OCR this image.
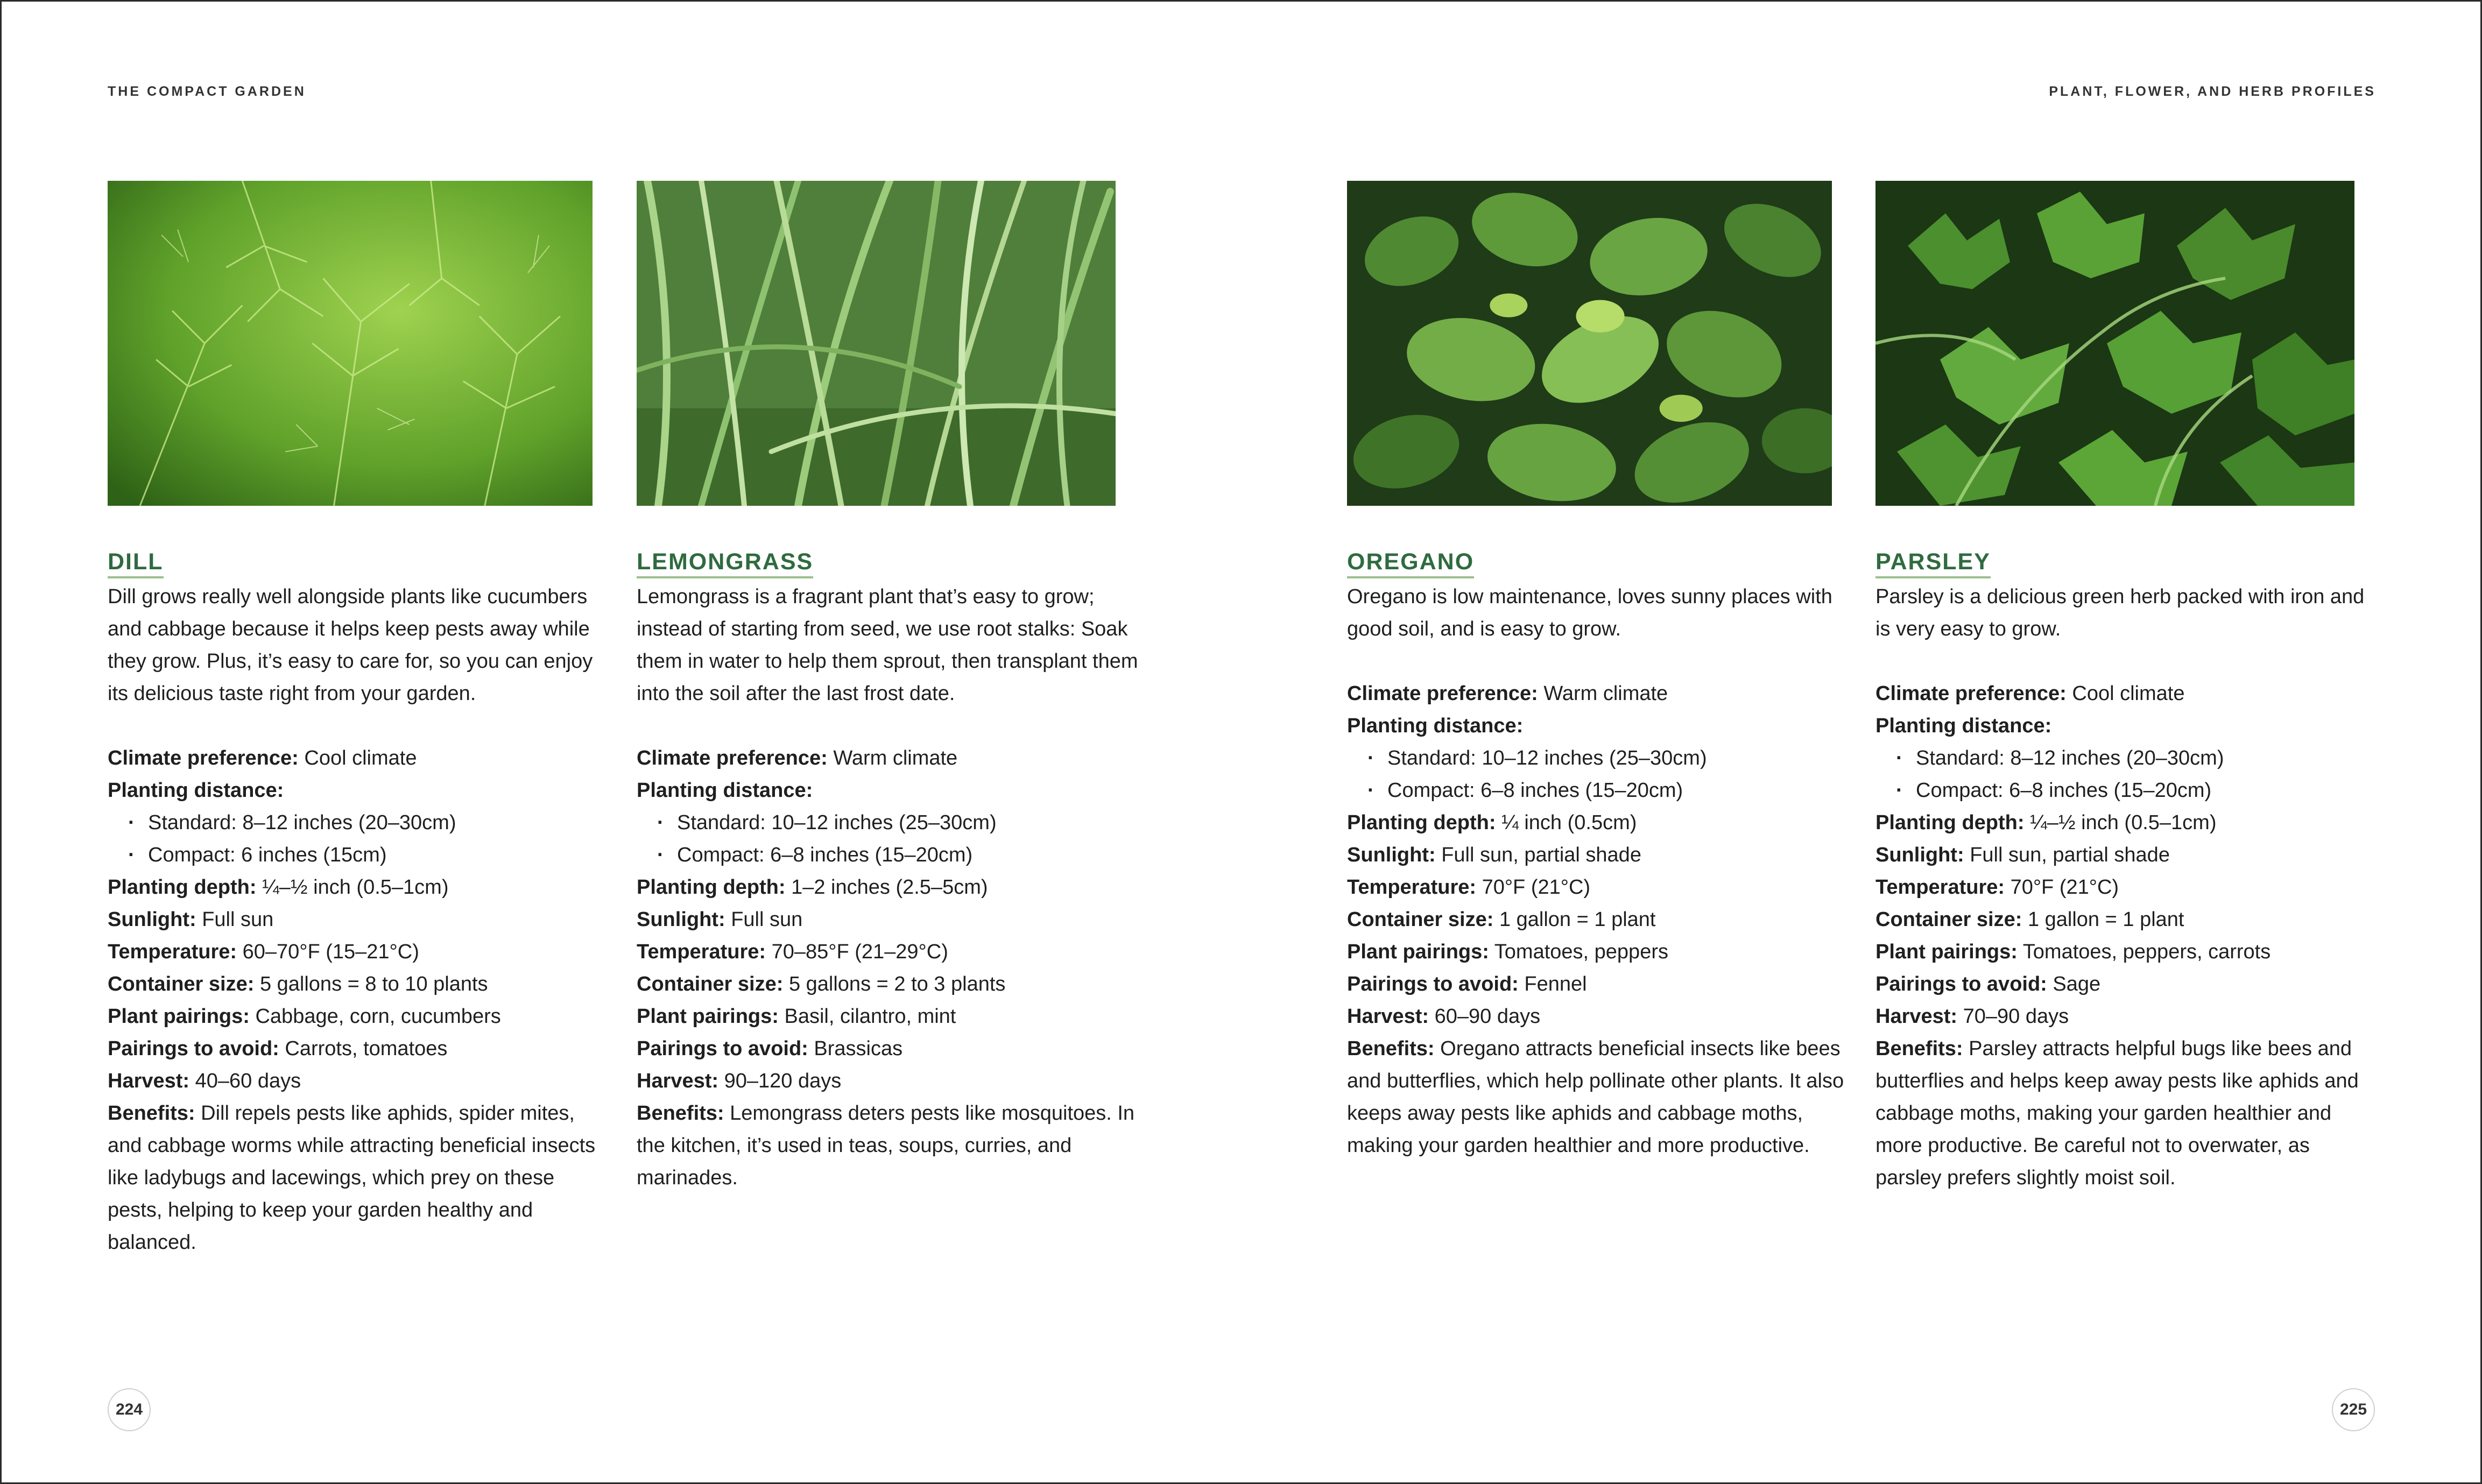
THE COMPACT GARDEN	PLANT, FLOWER, AND HERB PROFILES
DILL

Dill grows really well alongside plants like cucumbers and cabbage because it helps keep pests away while they grow. Plus, it’s easy to care for, so you can enjoy its delicious taste right from your garden.

Climate preference: Cool climate

Planting distance:

· Standard: 8–12 inches (20–30cm)

· Compact: 6 inches (15cm)

Planting depth: ¼–½ inch (0.5–1cm)

Sunlight: Full sun

Temperature: 60–70°F (15–21°C)

Container size: 5 gallons = 8 to 10 plants

Plant pairings: Cabbage, corn, cucumbers

Pairings to avoid: Carrots, tomatoes

Harvest: 40–60 days

Benefits: Dill repels pests like aphids, spider mites, and cabbage worms while attracting beneficial insects like ladybugs and lacewings, which prey on these pests, helping to keep your garden healthy and balanced.

LEMONGRASS

Lemongrass is a fragrant plant that’s easy to grow; instead of starting from seed, we use root stalks: Soak them in water to help them sprout, then transplant them into the soil after the last frost date.

Climate preference: Warm climate

Planting distance:

· Standard: 10–12 inches (25–30cm)

· Compact: 6–8 inches (15–20cm)

Planting depth: 1–2 inches (2.5–5cm)

Sunlight: Full sun

Temperature: 70–85°F (21–29°C)

Container size: 5 gallons = 2 to 3 plants

Plant pairings: Basil, cilantro, mint

Pairings to avoid: Brassicas

Harvest: 90–120 days

Benefits: Lemongrass deters pests like mosquitoes. In the kitchen, it’s used in teas, soups, curries, and marinades.

OREGANO

Oregano is low maintenance, loves sunny places with good soil, and is easy to grow.

Climate preference: Warm climate

Planting distance:

· Standard: 10–12 inches (25–30cm)

· Compact: 6–8 inches (15–20cm)

Planting depth: ¼ inch (0.5cm)

Sunlight: Full sun, partial shade

Temperature: 70°F (21°C)

Container size: 1 gallon = 1 plant

Plant pairings: Tomatoes, peppers

Pairings to avoid: Fennel

Harvest: 60–90 days

Benefits: Oregano attracts beneficial insects like bees and butterflies, which help pollinate other plants. It also keeps away pests like aphids and cabbage moths, making your garden healthier and more productive.

PARSLEY

Parsley is a delicious green herb packed with iron and is very easy to grow.

Climate preference: Cool climate

Planting distance:

· Standard: 8–12 inches (20–30cm)

· Compact: 6–8 inches (15–20cm)

Planting depth: ¼–½ inch (0.5–1cm)

Sunlight: Full sun, partial shade

Temperature: 70°F (21°C)

Container size: 1 gallon = 1 plant

Plant pairings: Tomatoes, peppers, carrots

Pairings to avoid: Sage

Harvest: 70–90 days

Benefits: Parsley attracts helpful bugs like bees and butterflies and helps keep away pests like aphids and cabbage moths, making your garden healthier and more productive. Be careful not to overwater, as parsley prefers slightly moist soil.

224	225
